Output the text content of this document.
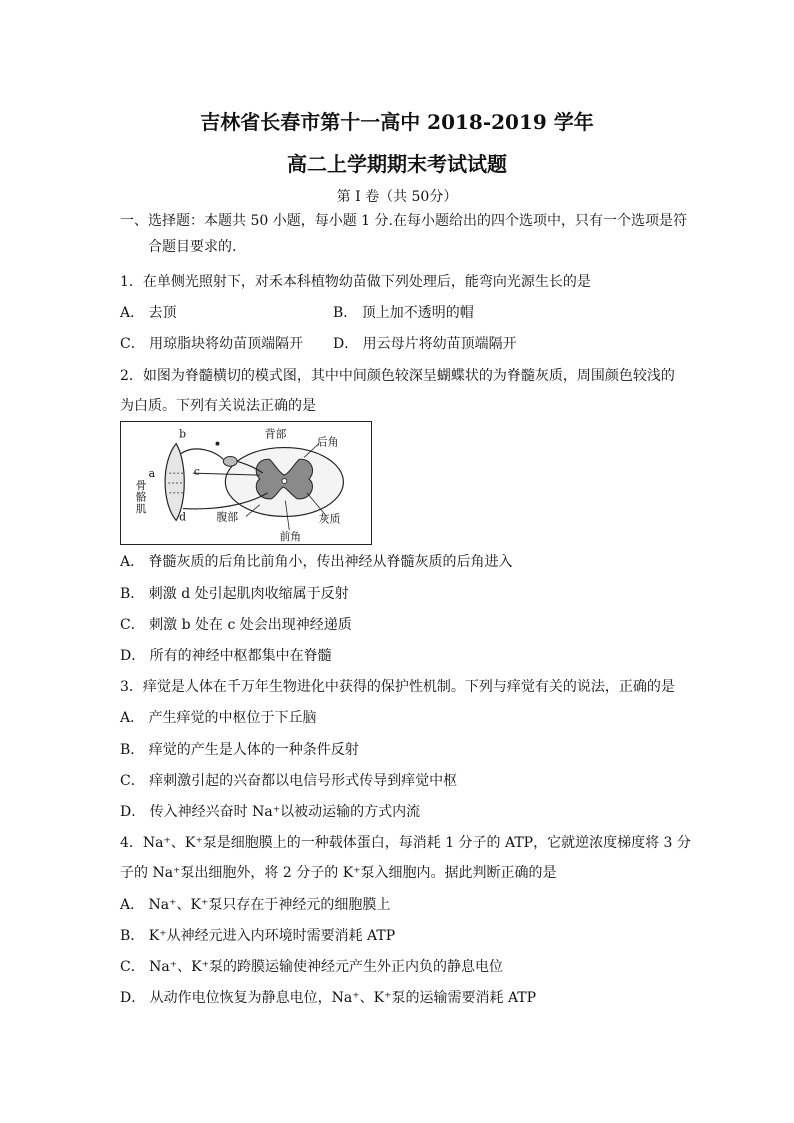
吉林省长春市第十一高中 2018-2019 学年
高二上学期期末考试试题
第 I 卷（共 50分）
一、选择题：本题共 50 小题，每小题 1 分.在每小题给出的四个选项中，只有一个选项是符
合题目要求的.
1．在单侧光照射下，对禾本科植物幼苗做下列处理后，能弯向光源生长的是
A． 去顶	B． 顶上加不透明的帽
C． 用琼脂块将幼苗顶端隔开 D． 用云母片将幼苗顶端隔开
2．如图为脊髓横切的模式图，其中中间颜色较深呈蝴蝶状的为脊髓灰质，周围颜色较浅的
为白质。下列有关说法正确的是
b
a	c
d
骨
骼
肌
背部
后角
腹部	灰质
前角
A． 脊髓灰质的后角比前角小，传出神经从脊髓灰质的后角进入
B． 刺激 d 处引起肌肉收缩属于反射
C． 刺激 b 处在 c 处会出现神经递质
D． 所有的神经中枢都集中在脊髓
3．痒觉是人体在千万年生物进化中获得的保护性机制。下列与痒觉有关的说法，正确的是
A． 产生痒觉的中枢位于下丘脑
B． 痒觉的产生是人体的一种条件反射
C． 痒刺激引起的兴奋都以电信号形式传导到痒觉中枢
D． 传入神经兴奋时 Na⁺以被动运输的方式内流
4．Na⁺、K⁺泵是细胞膜上的一种载体蛋白，每消耗 1 分子的 ATP，它就逆浓度梯度将 3 分
子的 Na⁺泵出细胞外，将 2 分子的 K⁺泵入细胞内。据此判断正确的是
A． Na⁺、K⁺泵只存在于神经元的细胞膜上
B． K⁺从神经元进入内环境时需要消耗 ATP
C． Na⁺、K⁺泵的跨膜运输使神经元产生外正内负的静息电位
D． 从动作电位恢复为静息电位，Na⁺、K⁺泵的运输需要消耗 ATP
